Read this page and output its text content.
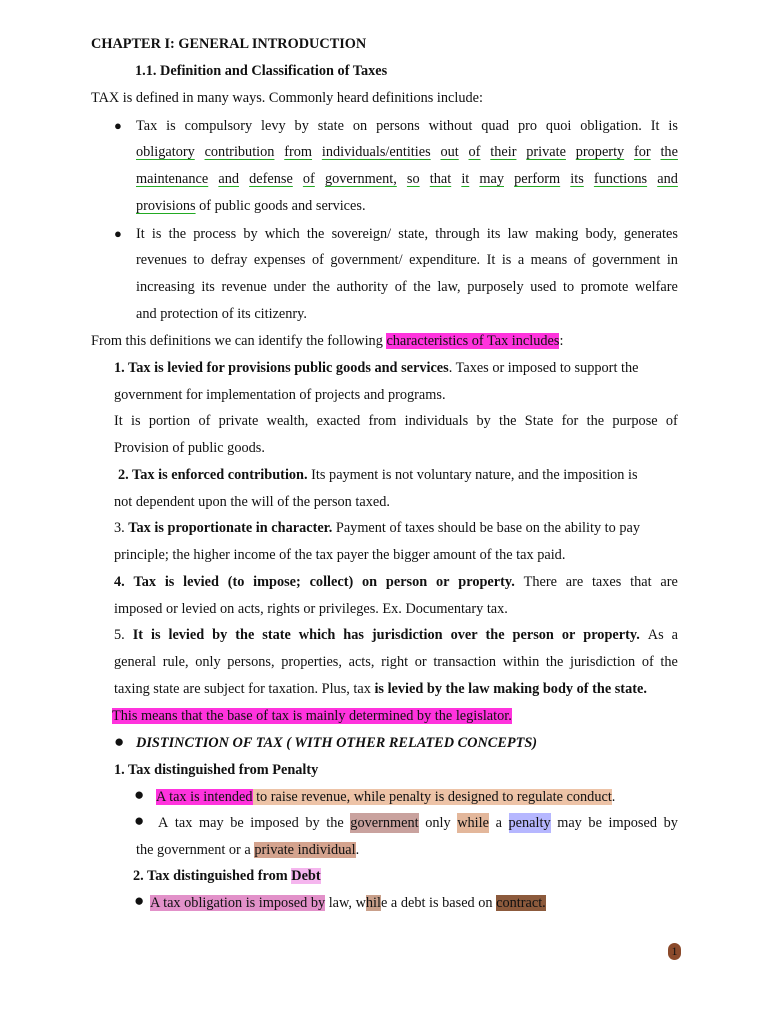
CHAPTER I: GENERAL INTRODUCTION
1.1. Definition and Classification of Taxes
TAX is defined in many ways. Commonly heard definitions include:
● Tax is compulsory levy by state on persons without quad pro quoi obligation. It is
obligatory contribution from individuals/entities out of their private property for the
maintenance and defense of government, so that it may perform its functions and
provisions of public goods and services.
● It is the process by which the sovereign/ state, through its law making body, generates
revenues to defray expenses of government/ expenditure. It is a means of government in
increasing its revenue under the authority of the law, purposely used to promote welfare
and protection of its citizenry.
From this definitions we can identify the following characteristics of Tax includes:
1. Tax is levied for provisions public goods and services. Taxes or imposed to support the
government for implementation of projects and programs.
It is portion of private wealth, exacted from individuals by the State for the purpose of
Provision of public goods.
2. Tax is enforced contribution. Its payment is not voluntary nature, and the imposition is
not dependent upon the will of the person taxed.
3. Tax is proportionate in character. Payment of taxes should be base on the ability to pay
principle; the higher income of the tax payer the bigger amount of the tax paid.
4. Tax is levied (to impose; collect) on person or property. There are taxes that are
imposed or levied on acts, rights or privileges. Ex. Documentary tax.
5. It is levied by the state which has jurisdiction over the person or property. As a
general rule, only persons, properties, acts, right or transaction within the jurisdiction of the
taxing state are subject for taxation. Plus, tax is levied by the law making body of the state.
This means that the base of tax is mainly determined by the legislator.
● DISTINCTION OF TAX ( WITH OTHER RELATED CONCEPTS)
1. Tax distinguished from Penalty
● A tax is intended to raise revenue, while penalty is designed to regulate conduct.
● A tax may be imposed by the government only while a penalty may be imposed by
the government or a private individual.
2. Tax distinguished from Debt
● A tax obligation is imposed by law, while a debt is based on contract.
1
